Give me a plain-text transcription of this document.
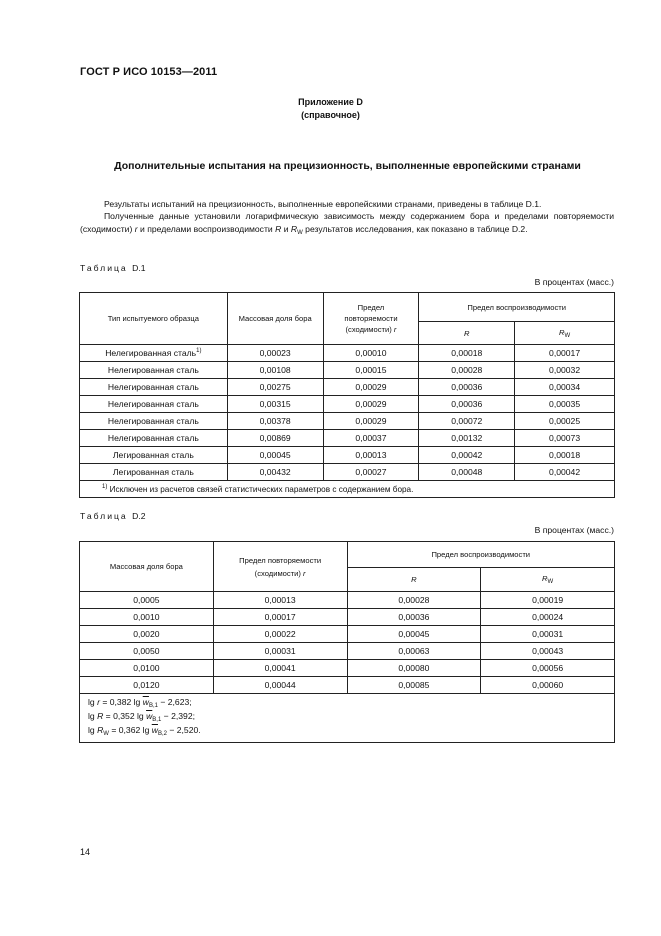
ГОСТ Р ИСО 10153—2011
Приложение D
(справочное)
Дополнительные испытания на прецизионность, выполненные европейскими странами

Результаты испытаний на прецизионность, выполненные европейскими странами, приведены в таблице D.1.

Полученные данные установили логарифмическую зависимость между содержанием бора и пределами повторяемости (сходимости) r и пределами воспроизводимости R и $R_W$ результатов исследования, как показано в таблице D.2.

Таблица D.1
В процентах (масс.)
Тип испытуемого образца	Массовая доля бора	Предел
повторяемости
(сходимости) r	Предел воспроизводимости	
			R	$R_W$
Нелегированная сталь$^{1)}$	0,00023	0,00010	0,00018	0,00017
Нелегированная сталь	0,00108	0,00015	0,00028	0,00032
Нелегированная сталь	0,00275	0,00029	0,00036	0,00034
Нелегированная сталь	0,00315	0,00029	0,00036	0,00035
Нелегированная сталь	0,00378	0,00029	0,00072	0,00025
Нелегированная сталь	0,00869	0,00037	0,00132	0,00073
Легированная сталь	0,00045	0,00013	0,00042	0,00018
Легированная сталь	0,00432	0,00027	0,00048	0,00042
$^{1)}$ Исключен из расчетов связей статистических параметров с содержанием бора.				
Таблица D.2
В процентах (масс.)
Массовая доля бора	Предел повторяемости
(сходимости) r	Предел воспроизводимости	
		R	$R_W$
0,0005	0,00013	0,00028	0,00019
0,0010	0,00017	0,00036	0,00024
0,0020	0,00022	0,00045	0,00031
0,0050	0,00031	0,00063	0,00043
0,0100	0,00041	0,00080	0,00056
0,0120	0,00044	0,00085	0,00060

lg r = 0,382 $\lg \overline{w}_{B,1} - 2,623$;
lg R = 0,352 $\lg \overline{w}_{B,1} - 2,392$;
$\lg R_W = 0,362$ $\lg \overline{w}_{B,2} - 2,520$.			
14
